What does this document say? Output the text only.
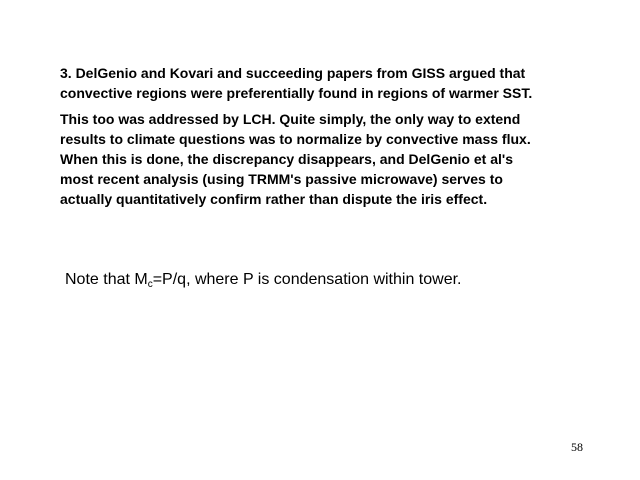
3. DelGenio and Kovari and succeeding papers from GISS argued that
convective regions were preferentially found in regions of warmer SST.

This too was addressed by LCH. Quite simply, the only way to extend
results to climate questions was to normalize by convective mass flux.
When this is done, the discrepancy disappears, and DelGenio et al's
most recent analysis (using TRMM's passive microwave) serves to
actually quantitatively confirm rather than dispute the iris effect.

Note that $M_c=P/q$, where P is condensation within tower.
58
